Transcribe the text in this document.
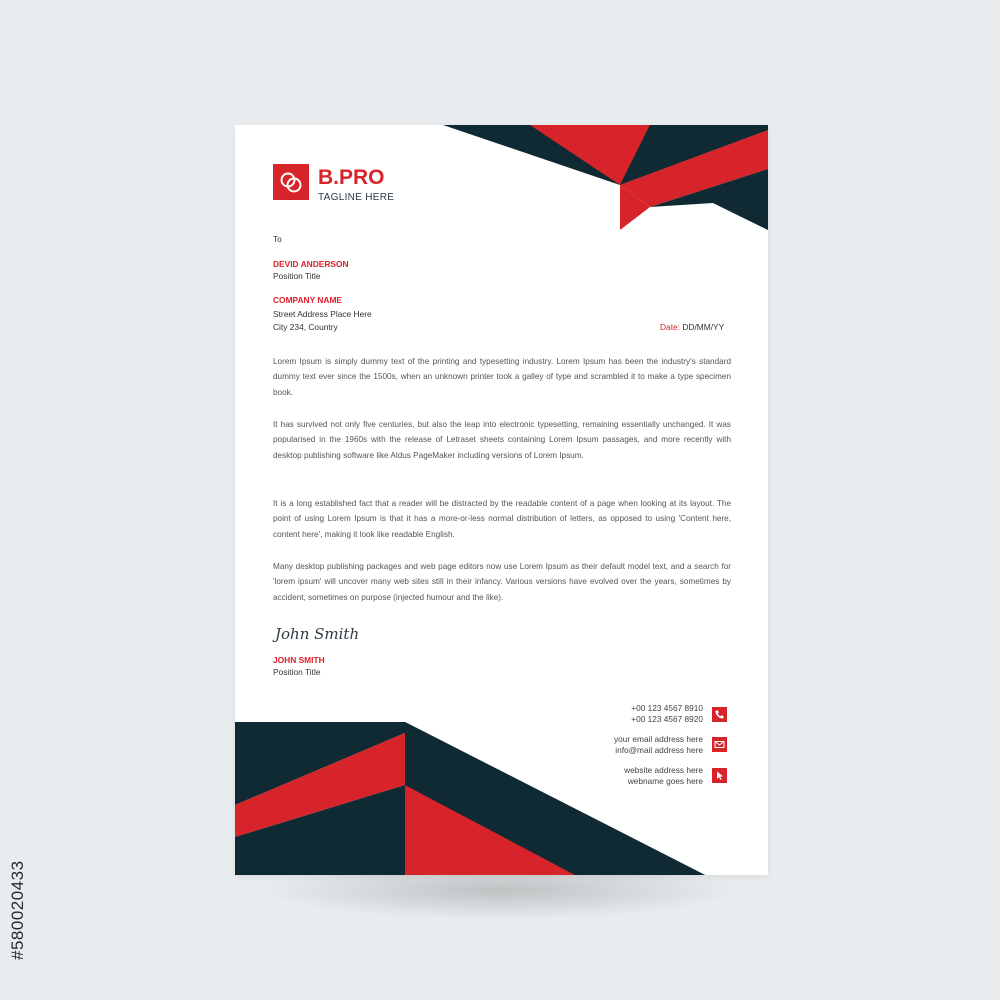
#580020433
B.PRO
TAGLINE HERE
To
DEVID ANDERSON
Position Title
COMPANY NAME
Street Address Place Here
City 234, Country	Date: DD/MM/YY
Lorem Ipsum is simply dummy text of the printing and typesetting industry. Lorem Ipsum has been the industry's standard dummy text ever since the 1500s, when an unknown printer took a galley of type and scrambled it to make a type specimen book.
It has survived not only five centuries, but also the leap into electronic typesetting, remaining essentially unchanged. It was popularised in the 1960s with the release of Letraset sheets containing Lorem Ipsum passages, and more recently with desktop publishing software like Aldus PageMaker including versions of Lorem Ipsum.
It is a long established fact that a reader will be distracted by the readable content of a page when looking at its layout. The point of using Lorem Ipsum is that it has a more-or-less normal distribution of letters, as opposed to using 'Content here, content here', making it look like readable English.
Many desktop publishing packages and web page editors now use Lorem Ipsum as their default model text, and a search for 'lorem ipsum' will uncover many web sites still in their infancy. Various versions have evolved over the years, sometimes by accident, sometimes on purpose (injected humour and the like).
John Smith
JOHN SMITH
Position Title
+00 123 4567 8910
+00 123 4567 8920
your email address here
info@mail address here
website address here
webname goes here
